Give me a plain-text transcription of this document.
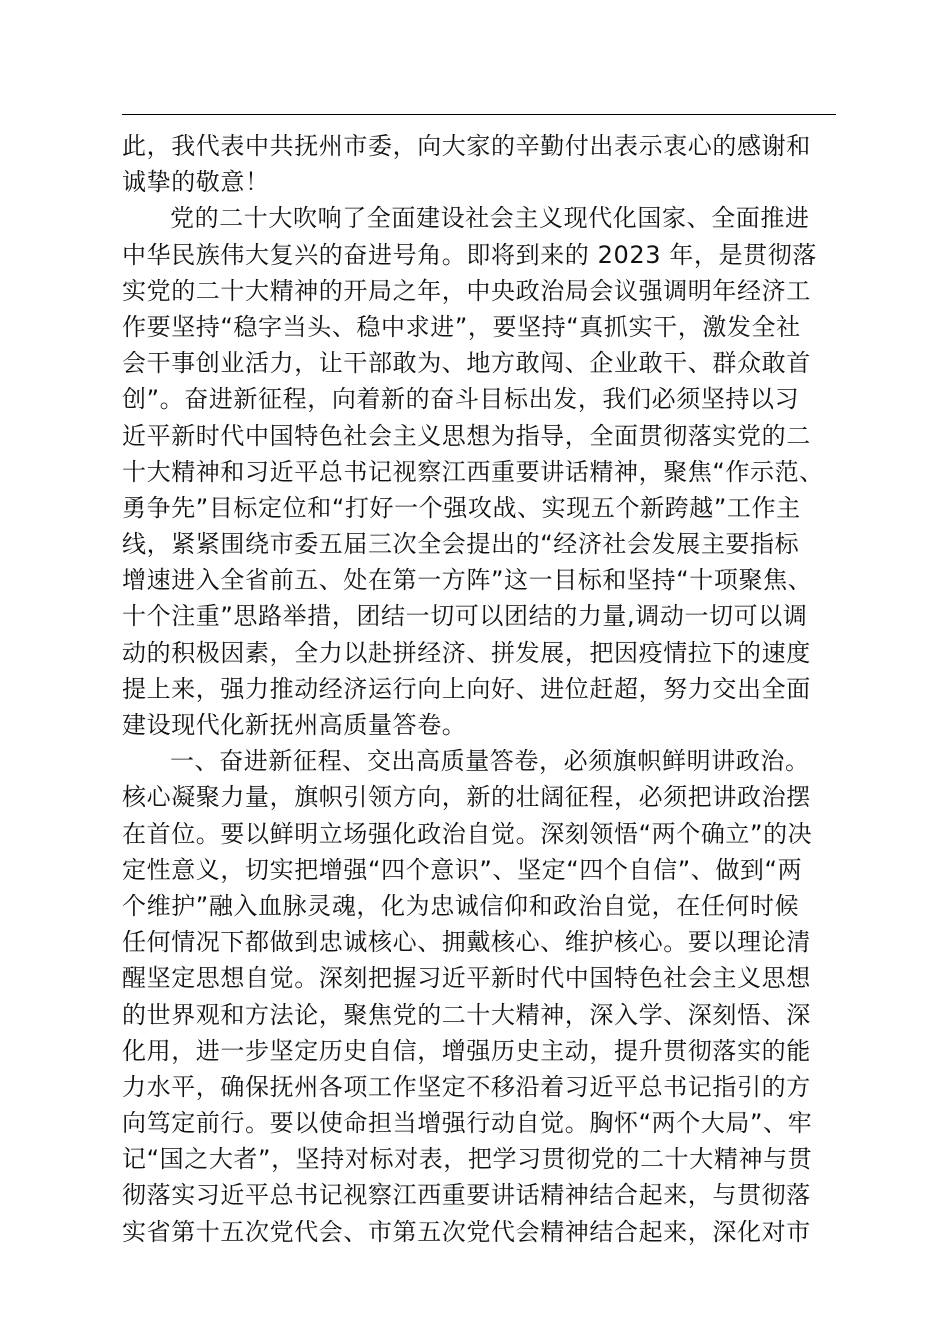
此，我代表中共抚州市委，向大家的辛勤付出表示衷心的感谢和
诚挚的敬意！
党的二十大吹响了全面建设社会主义现代化国家、全面推进
中华民族伟大复兴的奋进号角。即将到来的 2023 年，是贯彻落
实党的二十大精神的开局之年，中央政治局会议强调明年经济工
作要坚持“稳字当头、稳中求进”，要坚持“真抓实干，激发全社
会干事创业活力，让干部敢为、地方敢闯、企业敢干、群众敢首
创”。奋进新征程，向着新的奋斗目标出发，我们必须坚持以习
近平新时代中国特色社会主义思想为指导，全面贯彻落实党的二
十大精神和习近平总书记视察江西重要讲话精神，聚焦“作示范、
勇争先”目标定位和“打好一个强攻战、实现五个新跨越”工作主
线，紧紧围绕市委五届三次全会提出的“经济社会发展主要指标
增速进入全省前五、处在第一方阵”这一目标和坚持“十项聚焦、
十个注重”思路举措，团结一切可以团结的力量,调动一切可以调
动的积极因素，全力以赴拼经济、拼发展，把因疫情拉下的速度
提上来，强力推动经济运行向上向好、进位赶超，努力交出全面
建设现代化新抚州高质量答卷。
一、奋进新征程、交出高质量答卷，必须旗帜鲜明讲政治。
核心凝聚力量，旗帜引领方向，新的壮阔征程，必须把讲政治摆
在首位。要以鲜明立场强化政治自觉。深刻领悟“两个确立”的决
定性意义，切实把增强“四个意识”、坚定“四个自信”、做到“两
个维护”融入血脉灵魂，化为忠诚信仰和政治自觉，在任何时候
任何情况下都做到忠诚核心、拥戴核心、维护核心。要以理论清
醒坚定思想自觉。深刻把握习近平新时代中国特色社会主义思想
的世界观和方法论，聚焦党的二十大精神，深入学、深刻悟、深
化用，进一步坚定历史自信，增强历史主动，提升贯彻落实的能
力水平，确保抚州各项工作坚定不移沿着习近平总书记指引的方
向笃定前行。要以使命担当增强行动自觉。胸怀“两个大局”、牢
记“国之大者”，坚持对标对表，把学习贯彻党的二十大精神与贯
彻落实习近平总书记视察江西重要讲话精神结合起来，与贯彻落
实省第十五次党代会、市第五次党代会精神结合起来，深化对市
